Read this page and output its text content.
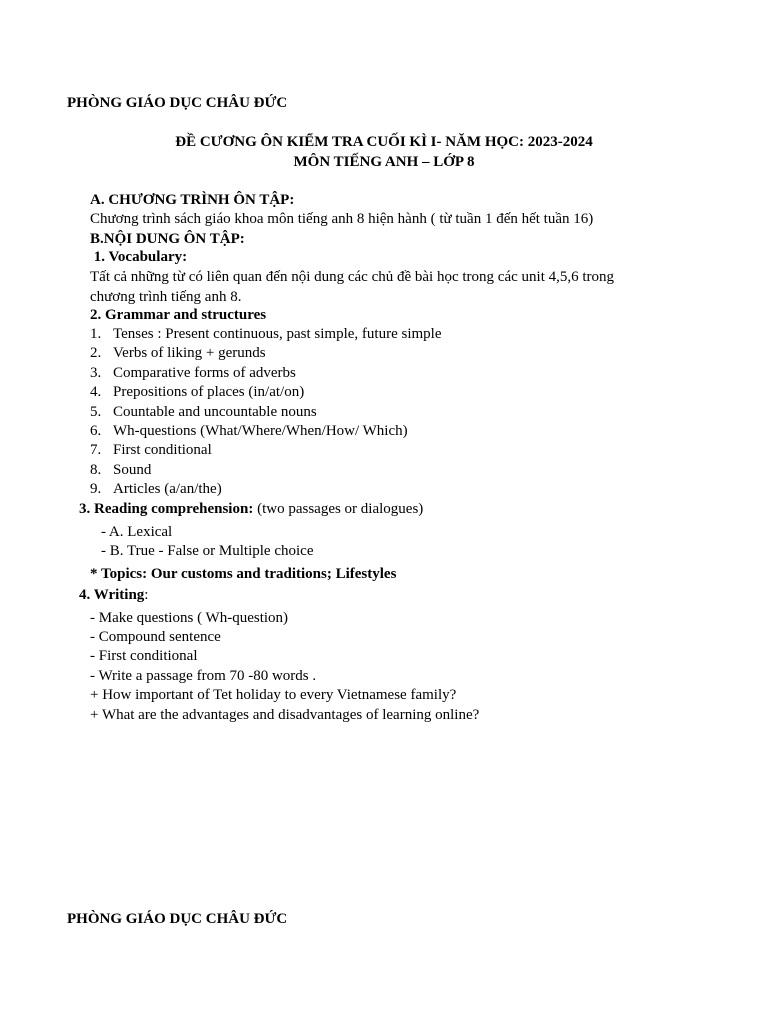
PHÒNG GIÁO DỤC CHÂU ĐỨC
ĐỀ CƯƠNG ÔN KIỂM TRA CUỐI KÌ I- NĂM HỌC: 2023-2024
MÔN TIẾNG ANH – LỚP 8
A. CHƯƠNG TRÌNH ÔN TẬP:
Chương trình sách giáo khoa môn tiếng anh 8 hiện hành ( từ tuần 1 đến hết tuần 16)
B.NỘI DUNG ÔN TẬP:
1. Vocabulary:
Tất cả những từ có liên quan đến nội dung các chủ đề bài học trong các unit 4,5,6 trong
chương trình tiếng anh 8.
2. Grammar and structures
1. Tenses : Present continuous, past simple, future simple
2. Verbs of liking + gerunds
3. Comparative forms of adverbs
4. Prepositions of places (in/at/on)
5. Countable and uncountable nouns
6. Wh-questions (What/Where/When/How/ Which)
7. First conditional
8. Sound
9. Articles (a/an/the)
3. Reading comprehension: (two passages or dialogues)
- A. Lexical
- B. True - False or Multiple choice
* Topics: Our customs and traditions; Lifestyles
4. Writing:
- Make questions ( Wh-question)
- Compound sentence
- First conditional
- Write a passage from 70 -80 words .
+ How important of Tet holiday to every Vietnamese family?
+ What are the advantages and disadvantages of learning online?
PHÒNG GIÁO DỤC CHÂU ĐỨC
